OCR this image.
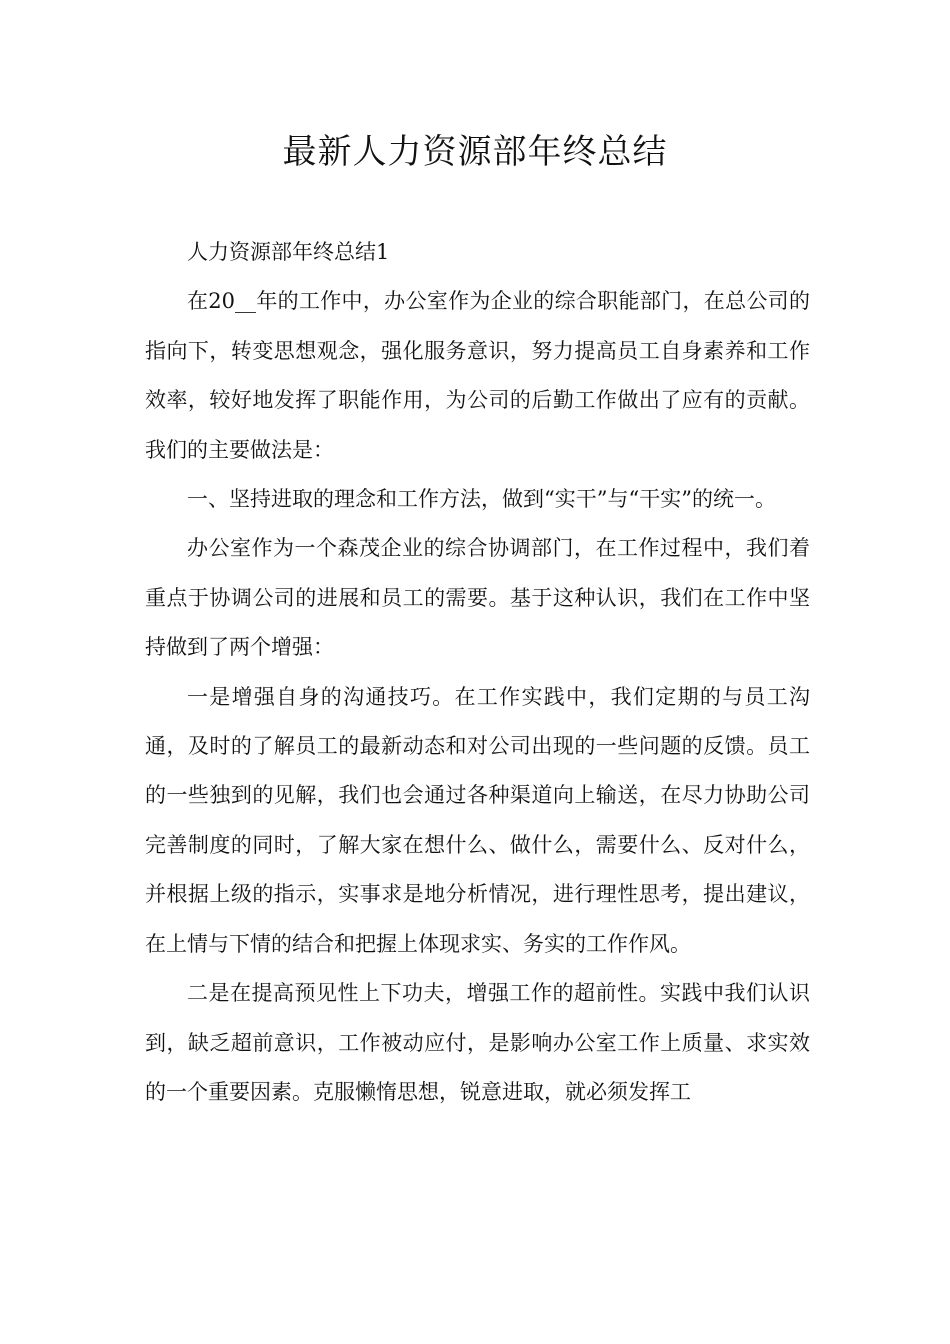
最新人力资源部年终总结

人力资源部年终总结1

在20__年的工作中，办公室作为企业的综合职能部门，在总公司的指向下，转变思想观念，强化服务意识，努力提高员工自身素养和工作效率，较好地发挥了职能作用，为公司的后勤工作做出了应有的贡献。我们的主要做法是：

一、坚持进取的理念和工作方法，做到“实干”与“干实”的统一。

办公室作为一个森茂企业的综合协调部门，在工作过程中，我们着重点于协调公司的进展和员工的需要。基于这种认识，我们在工作中坚持做到了两个增强：

一是增强自身的沟通技巧。在工作实践中，我们定期的与员工沟通，及时的了解员工的最新动态和对公司出现的一些问题的反馈。员工的一些独到的见解，我们也会通过各种渠道向上输送，在尽力协助公司完善制度的同时，了解大家在想什么、做什么，需要什么、反对什么，并根据上级的指示，实事求是地分析情况，进行理性思考，提出建议，在上情与下情的结合和把握上体现求实、务实的工作作风。

二是在提高预见性上下功夫，增强工作的超前性。实践中我们认识到，缺乏超前意识，工作被动应付，是影响办公室工作上质量、求实效的一个重要因素。克服懒惰思想，锐意进取，就必须发挥工
